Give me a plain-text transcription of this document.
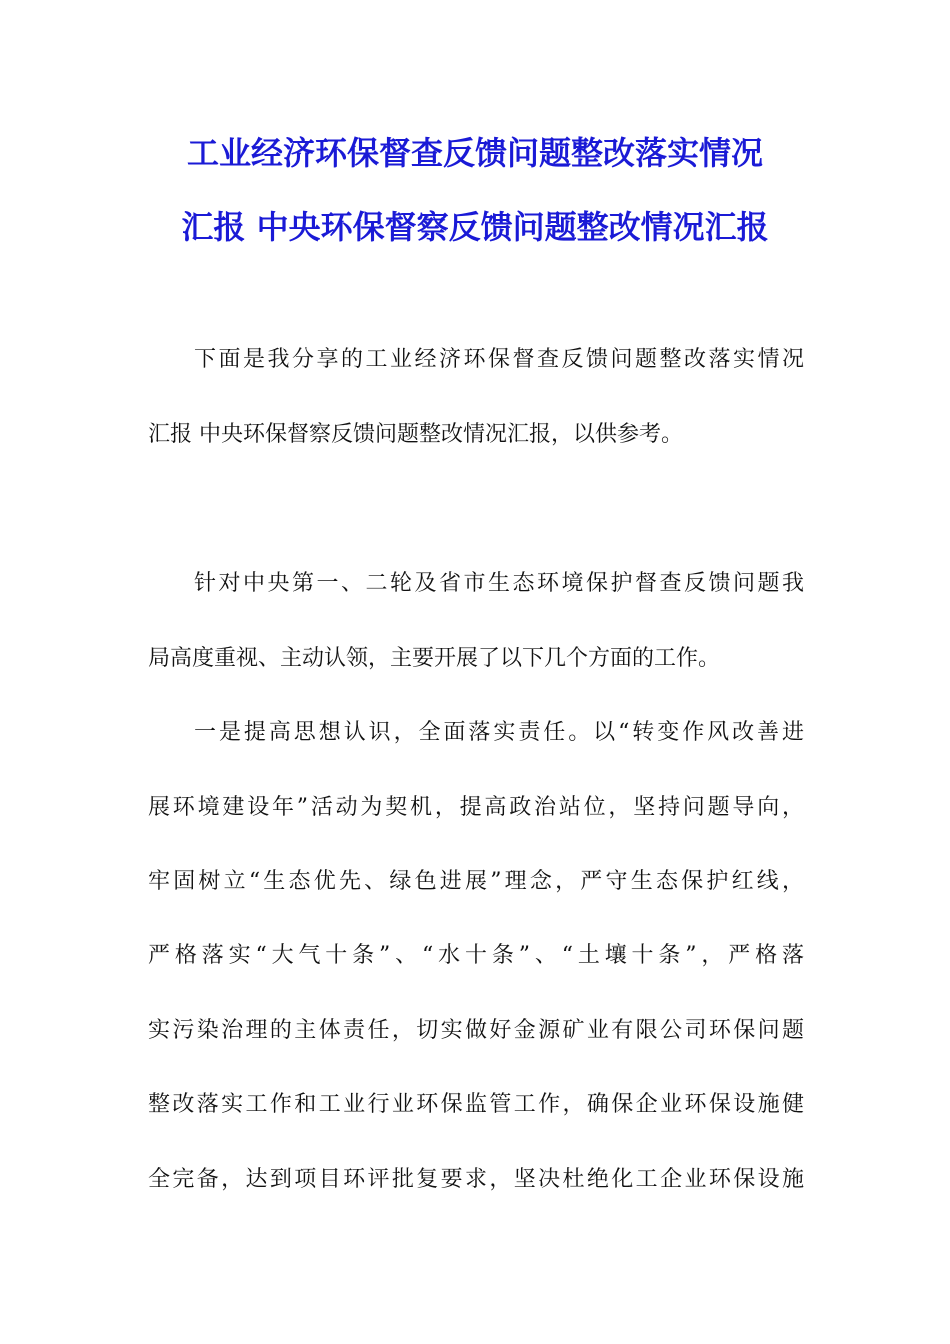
工业经济环保督查反馈问题整改落实情况
汇报 中央环保督察反馈问题整改情况汇报

下面是我分享的工业经济环保督查反馈问题整改落实情况

汇报 中央环保督察反馈问题整改情况汇报，以供参考。

针对中央第一、二轮及省市生态环境保护督查反馈问题我

局高度重视、主动认领，主要开展了以下几个方面的工作。

一是提高思想认识，全面落实责任。以“转变作风改善进

展环境建设年”活动为契机，提高政治站位，坚持问题导向，

牢固树立“生态优先、绿色进展”理念，严守生态保护红线，

严格落实“大气十条”、“水十条”、“土壤十条”，严格落

实污染治理的主体责任，切实做好金源矿业有限公司环保问题

整改落实工作和工业行业环保监管工作，确保企业环保设施健

全完备，达到项目环评批复要求，坚决杜绝化工企业环保设施
